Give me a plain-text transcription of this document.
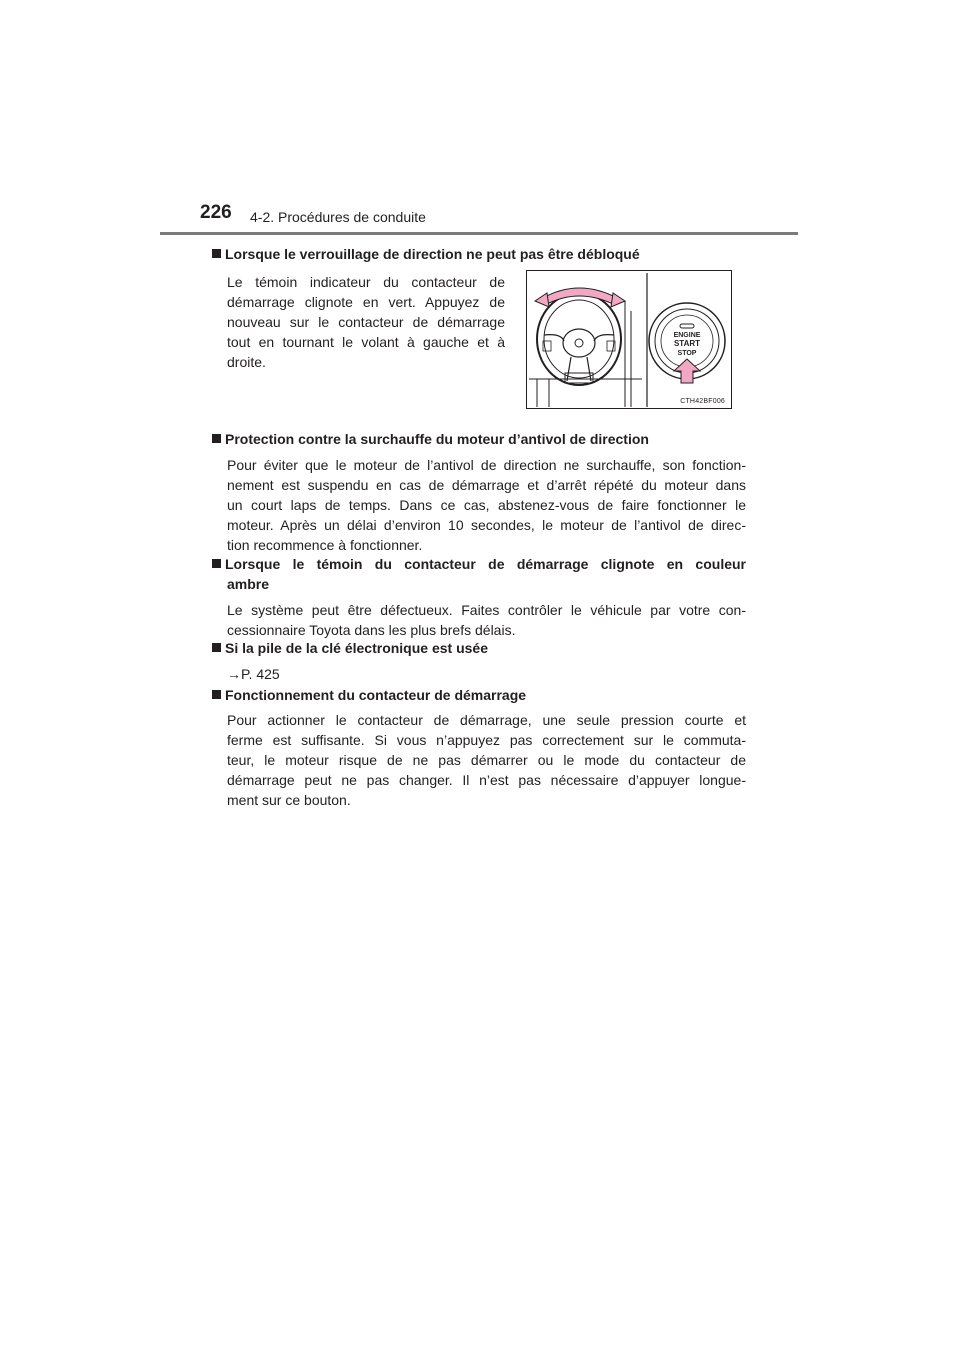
226 4-2. Procédures de conduite
Lorsque le verrouillage de direction ne peut pas être débloqué
Le témoin indicateur du contacteur de
démarrage clignote en vert. Appuyez de
nouveau sur le contacteur de démarrage
tout en tournant le volant à gauche et à
droite.
ENGINE
START
STOP
CTH42BF006
Protection contre la surchauffe du moteur d’antivol de direction
Pour éviter que le moteur de l’antivol de direction ne surchauffe, son fonction-
nement est suspendu en cas de démarrage et d’arrêt répété du moteur dans
un court laps de temps. Dans ce cas, abstenez-vous de faire fonctionner le
moteur. Après un délai d’environ 10 secondes, le moteur de l’antivol de direc-
tion recommence à fonctionner.
Lorsque le témoin du contacteur de démarrage clignote en couleur
ambre
Le système peut être défectueux. Faites contrôler le véhicule par votre con-
cessionnaire Toyota dans les plus brefs délais.
Si la pile de la clé électronique est usée
→P. 425
Fonctionnement du contacteur de démarrage
Pour actionner le contacteur de démarrage, une seule pression courte et
ferme est suffisante. Si vous n’appuyez pas correctement sur le commuta-
teur, le moteur risque de ne pas démarrer ou le mode du contacteur de
démarrage peut ne pas changer. Il n’est pas nécessaire d’appuyer longue-
ment sur ce bouton.
